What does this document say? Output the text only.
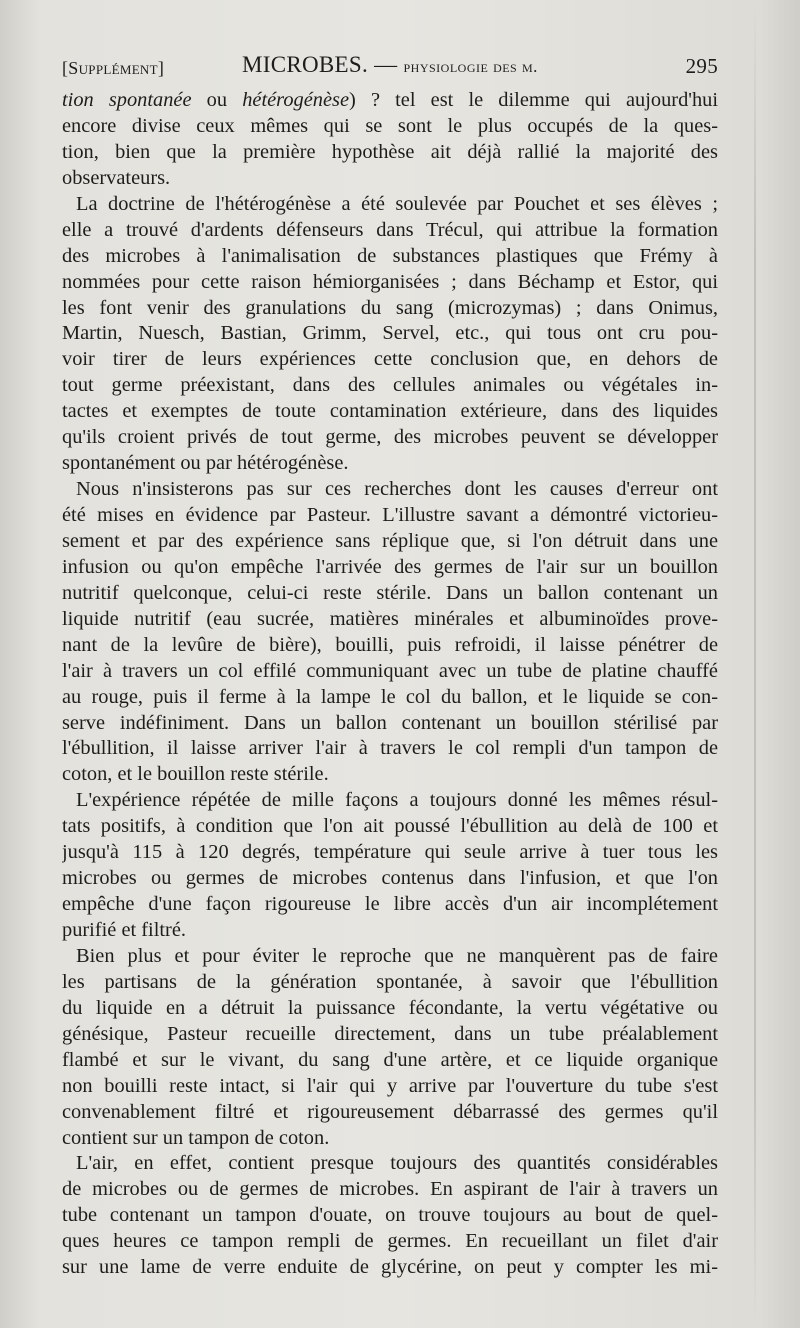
[Supplément]	MICROBES. — physiologie des m.	295
tion spontanée ou hétérogénèse) ? tel est le dilemme qui aujourd'hui
encore divise ceux mêmes qui se sont le plus occupés de la ques-
tion, bien que la première hypothèse ait déjà rallié la majorité des
observateurs.
La doctrine de l'hétérogénèse a été soulevée par Pouchet et ses élèves ;
elle a trouvé d'ardents défenseurs dans Trécul, qui attribue la formation
des microbes à l'animalisation de substances plastiques que Frémy à
nommées pour cette raison hémiorganisées ; dans Béchamp et Estor, qui
les font venir des granulations du sang (microzymas) ; dans Onimus,
Martin, Nuesch, Bastian, Grimm, Servel, etc., qui tous ont cru pou-
voir tirer de leurs expériences cette conclusion que, en dehors de
tout germe préexistant, dans des cellules animales ou végétales in-
tactes et exemptes de toute contamination extérieure, dans des liquides
qu'ils croient privés de tout germe, des microbes peuvent se développer
spontanément ou par hétérogénèse.
Nous n'insisterons pas sur ces recherches dont les causes d'erreur ont
été mises en évidence par Pasteur. L'illustre savant a démontré victorieu-
sement et par des expérience sans réplique que, si l'on détruit dans une
infusion ou qu'on empêche l'arrivée des germes de l'air sur un bouillon
nutritif quelconque, celui-ci reste stérile. Dans un ballon contenant un
liquide nutritif (eau sucrée, matières minérales et albuminoïdes prove-
nant de la levûre de bière), bouilli, puis refroidi, il laisse pénétrer de
l'air à travers un col effilé communiquant avec un tube de platine chauffé
au rouge, puis il ferme à la lampe le col du ballon, et le liquide se con-
serve indéfiniment. Dans un ballon contenant un bouillon stérilisé par
l'ébullition, il laisse arriver l'air à travers le col rempli d'un tampon de
coton, et le bouillon reste stérile.
L'expérience répétée de mille façons a toujours donné les mêmes résul-
tats positifs, à condition que l'on ait poussé l'ébullition au delà de 100 et
jusqu'à 115 à 120 degrés, température qui seule arrive à tuer tous les
microbes ou germes de microbes contenus dans l'infusion, et que l'on
empêche d'une façon rigoureuse le libre accès d'un air incomplétement
purifié et filtré.
Bien plus et pour éviter le reproche que ne manquèrent pas de faire
les partisans de la génération spontanée, à savoir que l'ébullition
du liquide en a détruit la puissance fécondante, la vertu végétative ou
génésique, Pasteur recueille directement, dans un tube préalablement
flambé et sur le vivant, du sang d'une artère, et ce liquide organique
non bouilli reste intact, si l'air qui y arrive par l'ouverture du tube s'est
convenablement filtré et rigoureusement débarrassé des germes qu'il
contient sur un tampon de coton.
L'air, en effet, contient presque toujours des quantités considérables
de microbes ou de germes de microbes. En aspirant de l'air à travers un
tube contenant un tampon d'ouate, on trouve toujours au bout de quel-
ques heures ce tampon rempli de germes. En recueillant un filet d'air
sur une lame de verre enduite de glycérine, on peut y compter les mi-
